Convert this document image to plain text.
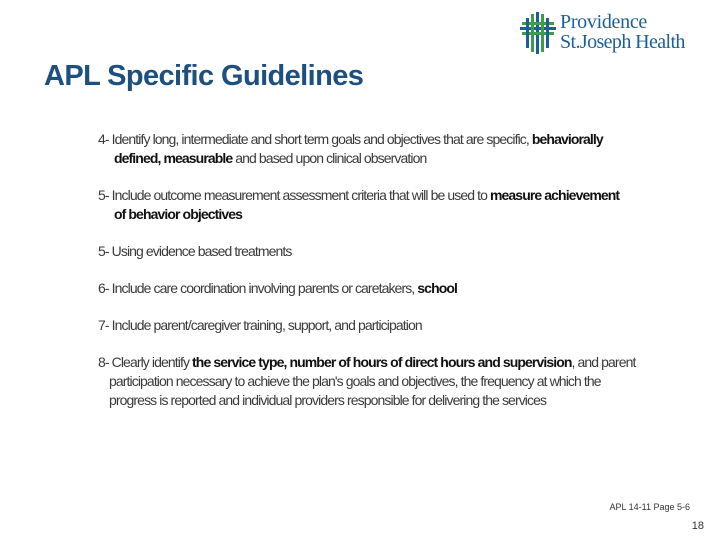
Providence
St.Joseph Health
APL Specific Guidelines
4- Identify long, intermediate and short term goals and objectives that are specific, behaviorally
defined, measurable and based upon clinical observation
5- Include outcome measurement assessment criteria that will be used to measure achievement
of behavior objectives
5- Using evidence based treatments
6- Include care coordination involving parents or caretakers, school
7- Include parent/caregiver training, support, and participation
8- Clearly identify the service type, number of hours of direct hours and supervision, and parent
participation necessary to achieve the plan's goals and objectives, the frequency at which the
progress is reported and individual providers responsible for delivering the services
APL 14-11 Page 5-6
18
